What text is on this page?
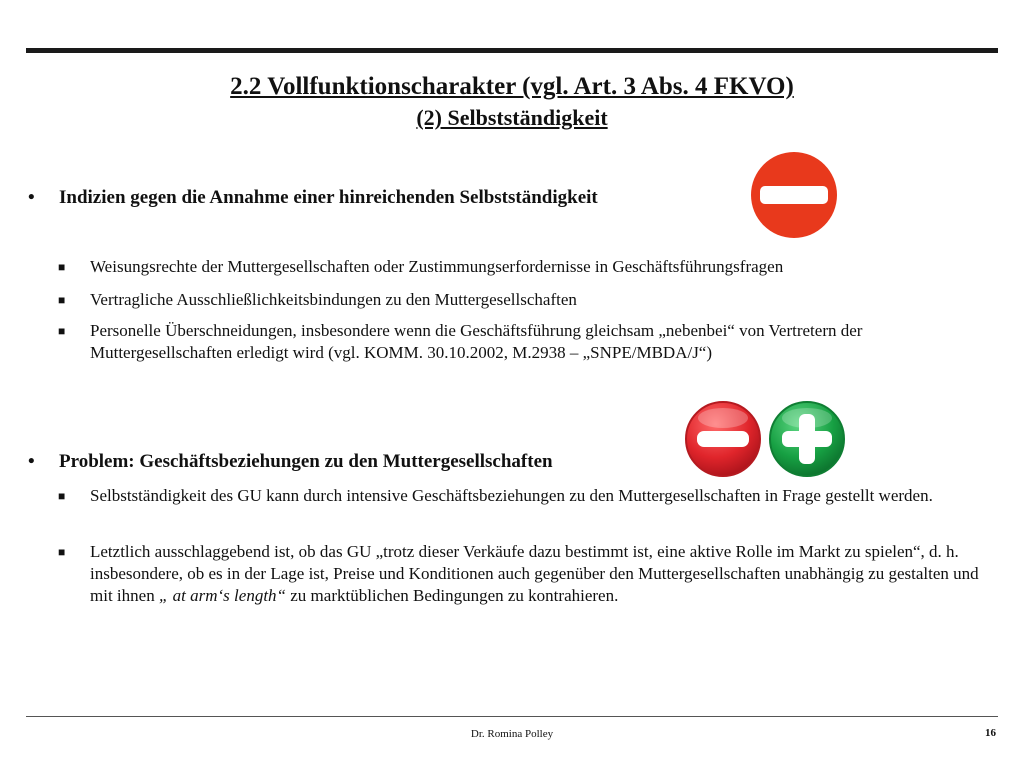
2.2 Vollfunktionscharakter (vgl. Art. 3 Abs. 4 FKVO)

(2) Selbstständigkeit

• Indizien gegen die Annahme einer hinreichenden Selbstständigkeit
■ Weisungsrechte der Muttergesellschaften oder Zustimmungserfordernisse in Geschäftsführungsfragen
■ Vertragliche Ausschließlichkeitsbindungen zu den Muttergesellschaften
■ Personelle Überschneidungen, insbesondere wenn die Geschäftsführung gleichsam „nebenbei“ von Vertretern der Muttergesellschaften erledigt wird (vgl. KOMM. 30.10.2002, M.2938 – „SNPE/MBDA/J“)
• Problem: Geschäftsbeziehungen zu den Muttergesellschaften
■ Selbstständigkeit des GU kann durch intensive Geschäftsbeziehungen zu den Muttergesellschaften in Frage gestellt werden.
■ Letztlich ausschlaggebend ist, ob das GU „trotz dieser Verkäufe dazu bestimmt ist, eine aktive Rolle im Markt zu spielen“, d. h. insbesondere, ob es in der Lage ist, Preise und Konditionen auch gegenüber den Muttergesellschaften unabhängig zu gestalten und mit ihnen „ at arm‘s length“ zu marktüblichen Bedingungen zu kontrahieren.
Dr. Romina Polley	16
